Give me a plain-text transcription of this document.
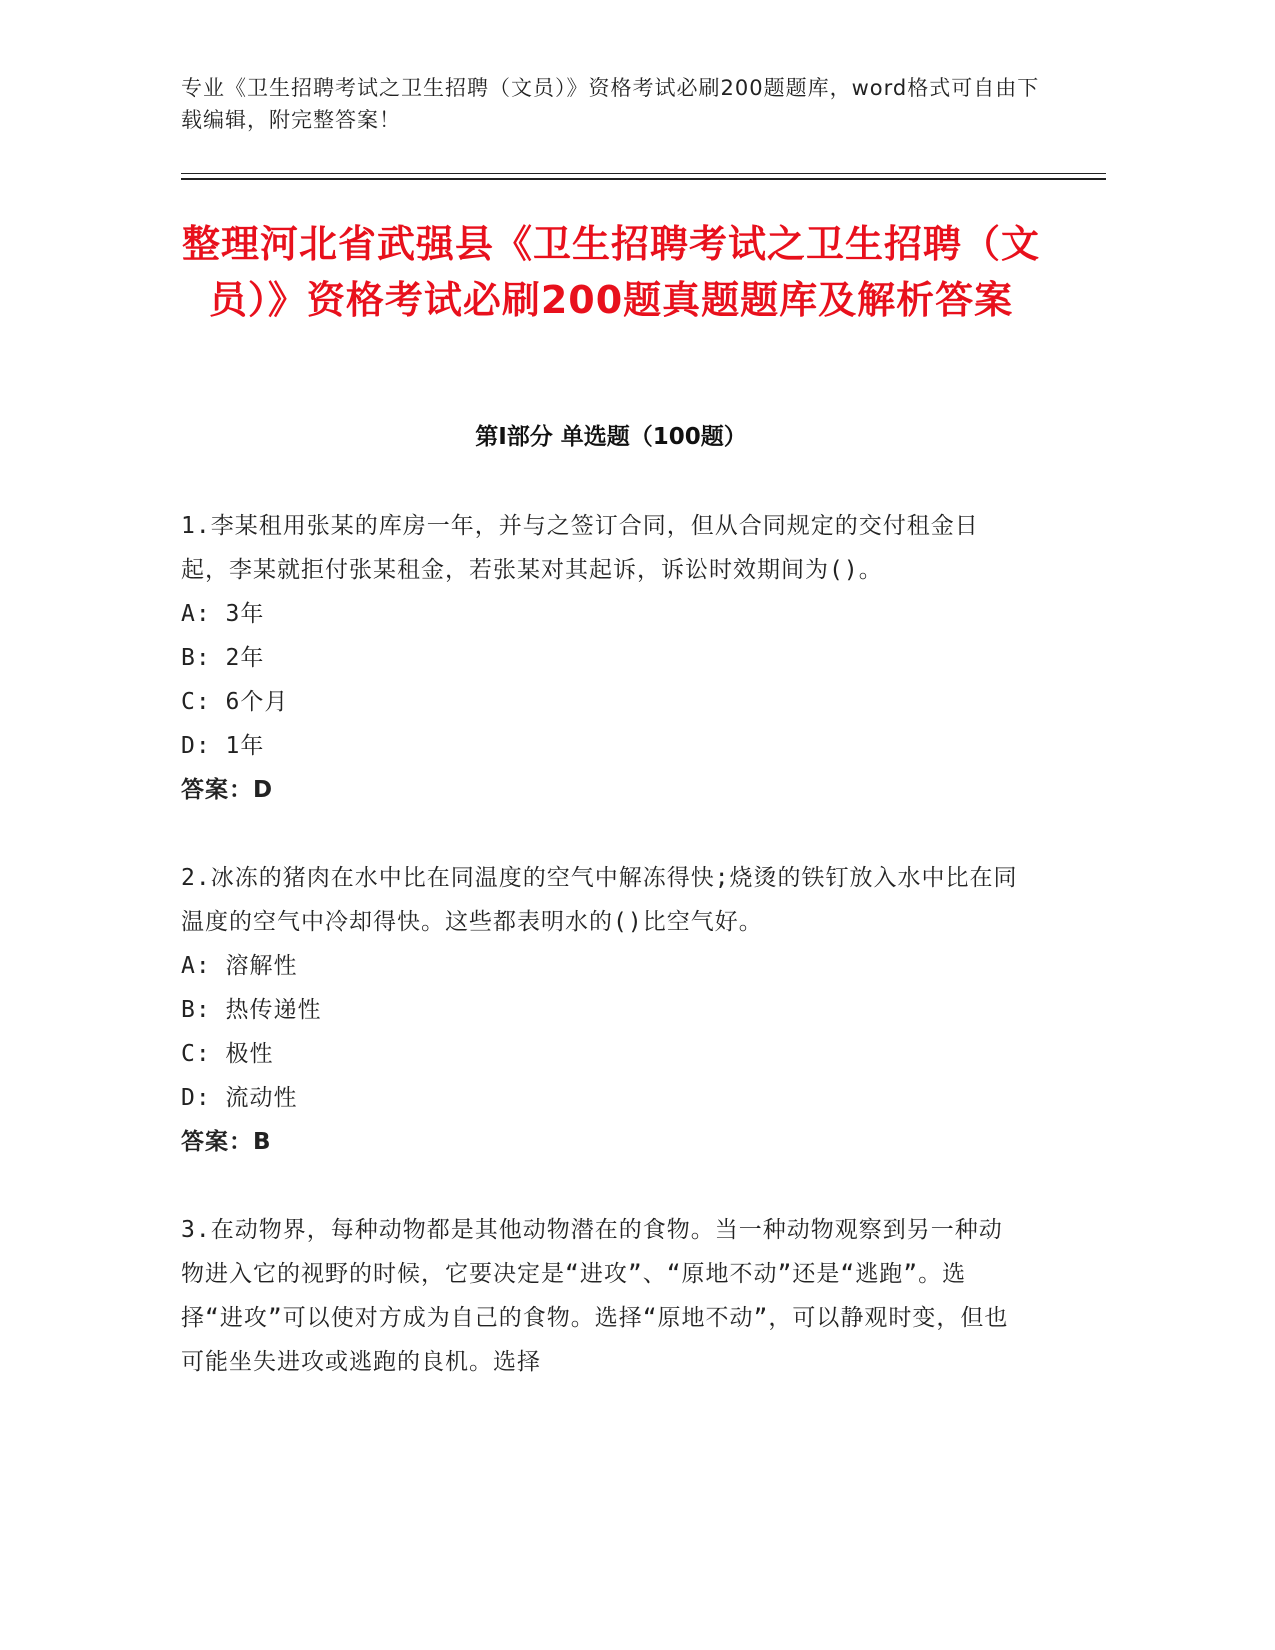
专业《卫生招聘考试之卫生招聘（文员）》资格考试必刷200题题库，word格式可自由下载编辑，附完整答案！
整理河北省武强县《卫生招聘考试之卫生招聘（文员）》资格考试必刷200题真题题库及解析答案
第I部分 单选题（100题）

1.李某租用张某的库房一年，并与之签订合同，但从合同规定的交付租金日起，李某就拒付张某租金，若张某对其起诉，诉讼时效期间为()。

A: 3年

B: 2年

C: 6个月

D: 1年

答案：D

2.冰冻的猪肉在水中比在同温度的空气中解冻得快;烧烫的铁钉放入水中比在同温度的空气中冷却得快。这些都表明水的()比空气好。

A: 溶解性

B: 热传递性

C: 极性

D: 流动性

答案：B

3.在动物界，每种动物都是其他动物潜在的食物。当一种动物观察到另一种动物进入它的视野的时候，它要决定是“进攻”、“原地不动”还是“逃跑”。选择“进攻”可以使对方成为自己的食物。选择“原地不动”，可以静观时变，但也可能坐失进攻或逃跑的良机。选择
